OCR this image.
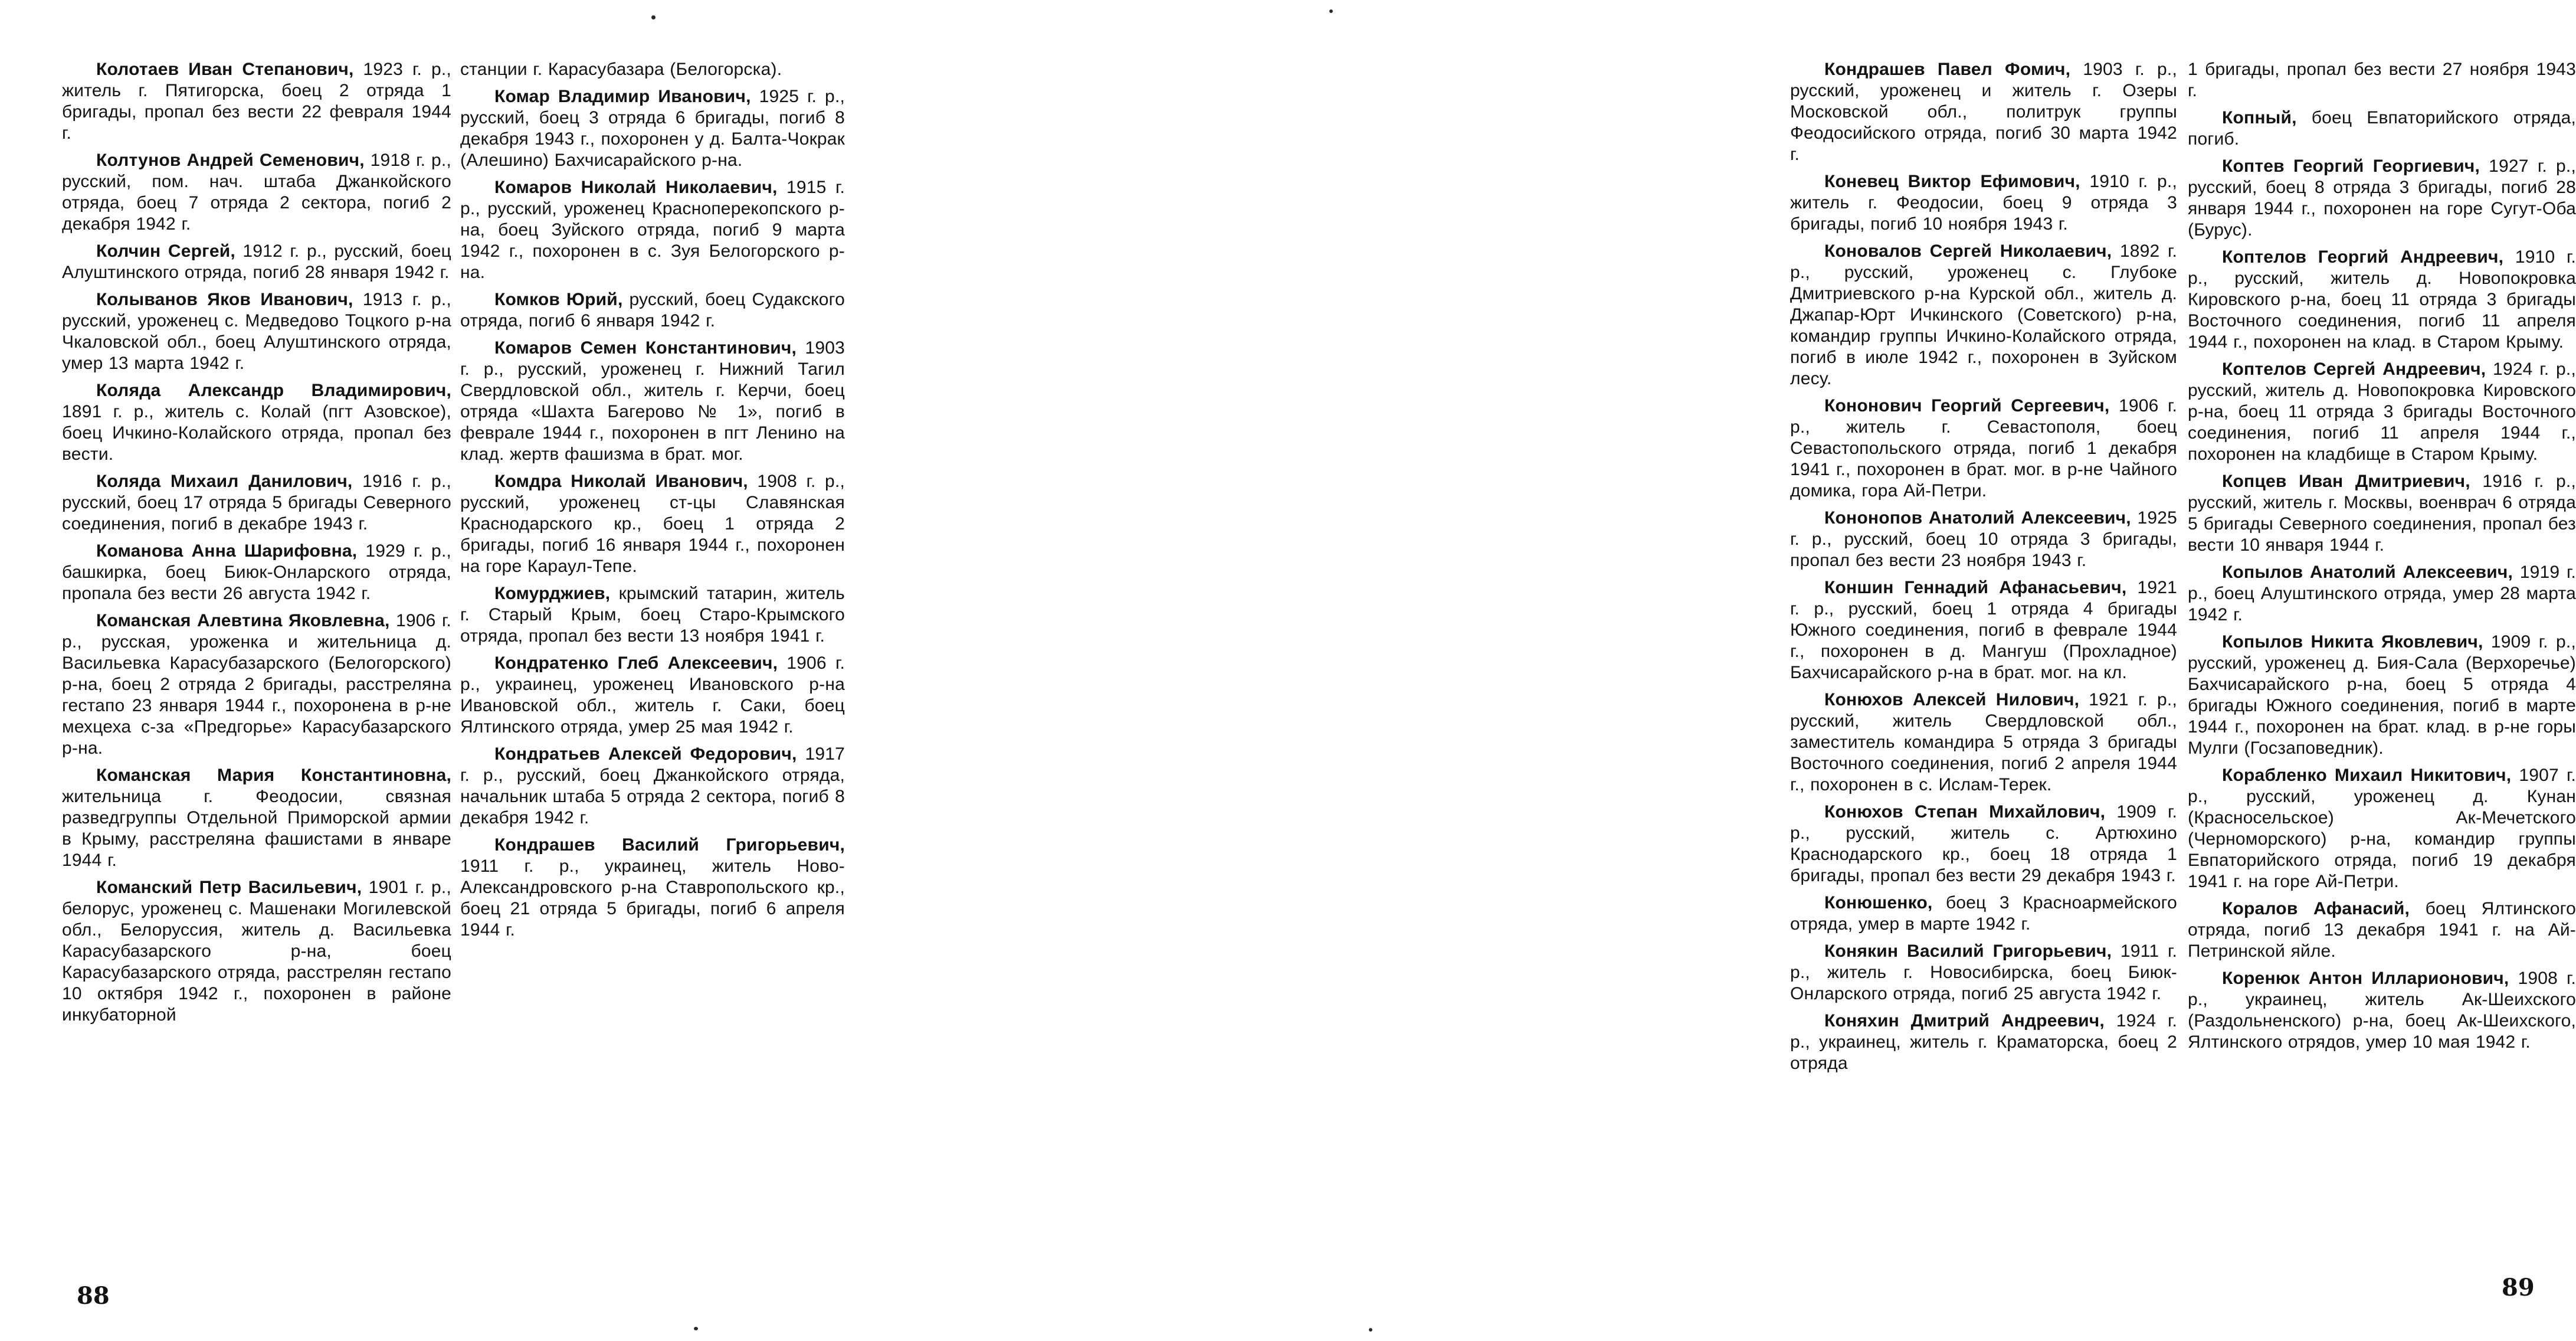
Колотаев Иван Степанович, 1923 г. р., житель г. Пятигорска, боец 2 отряда 1 бригады, пропал без вести 22 февраля 1944 г.

Колтунов Андрей Семенович, 1918 г. р., русский, пом. нач. штаба Джанкойского отряда, боец 7 отряда 2 сектора, погиб 2 декабря 1942 г.

Колчин Сергей, 1912 г. р., русский, боец Алуштинского отряда, погиб 28 января 1942 г.

Колыванов Яков Иванович, 1913 г. р., русский, уроженец с. Медведово Тоцкого р-на Чкаловской обл., боец Алуштинского отряда, умер 13 марта 1942 г.

Коляда Александр Владимирович, 1891 г. р., житель с. Колай (пгт Азовское), боец Ичкино-Колайского отряда, пропал без вести.

Коляда Михаил Данилович, 1916 г. р., русский, боец 17 отряда 5 бригады Северного соединения, погиб в декабре 1943 г.

Команова Анна Шарифовна, 1929 г. р., башкирка, боец Биюк-Онларского отряда, пропала без вести 26 августа 1942 г.

Команская Алевтина Яковлевна, 1906 г. р., русская, уроженка и жительница д. Васильевка Карасубазарского (Белогорского) р-на, боец 2 отряда 2 бригады, расстреляна гестапо 23 января 1944 г., похоронена в р-не мехцеха с-за «Предгорье» Карасубазарского р-на.

Команская Мария Константиновна, жительница г. Феодосии, связная разведгруппы Отдельной Приморской армии в Крыму, расстреляна фашистами в январе 1944 г.

Команский Петр Васильевич, 1901 г. р., белорус, уроженец с. Машенаки Могилевской обл., Белоруссия, житель д. Васильевка Карасубазарского р-на, боец Карасубазарского отряда, расстрелян гестапо 10 октября 1942 г., похоронен в районе инкубаторной

станции г. Карасубазара (Белогорска).

Комар Владимир Иванович, 1925 г. р., русский, боец 3 отряда 6 бригады, погиб 8 декабря 1943 г., похоронен у д. Балта-Чокрак (Алешино) Бахчисарайского р-на.

Комаров Николай Николаевич, 1915 г. р., русский, уроженец Красноперекопского р-на, боец Зуйского отряда, погиб 9 марта 1942 г., похоронен в с. Зуя Белогорского р-на.

Комков Юрий, русский, боец Судакского отряда, погиб 6 января 1942 г.

Комаров Семен Константинович, 1903 г. р., русский, уроженец г. Нижний Тагил Свердловской обл., житель г. Керчи, боец отряда «Шахта Багерово № 1», погиб в феврале 1944 г., похоронен в пгт Ленино на клад. жертв фашизма в брат. мог.

Комдра Николай Иванович, 1908 г. р., русский, уроженец ст-цы Славянская Краснодарского кр., боец 1 отряда 2 бригады, погиб 16 января 1944 г., похоронен на горе Караул-Тепе.

Комурджиев, крымский татарин, житель г. Старый Крым, боец Старо-Крымского отряда, пропал без вести 13 ноября 1941 г.

Кондратенко Глеб Алексеевич, 1906 г. р., украинец, уроженец Ивановского р-на Ивановской обл., житель г. Саки, боец Ялтинского отряда, умер 25 мая 1942 г.

Кондратьев Алексей Федорович, 1917 г. р., русский, боец Джанкойского отряда, начальник штаба 5 отряда 2 сектора, погиб 8 декабря 1942 г.

Кондрашев Василий Григорьевич, 1911 г. р., украинец, житель Ново-Александровского р-на Ставропольского кр., боец 21 отряда 5 бригады, погиб 6 апреля 1944 г.

88

Кондрашев Павел Фомич, 1903 г. р., русский, уроженец и житель г. Озеры Московской обл., политрук группы Феодосийского отряда, погиб 30 марта 1942 г.

Коневец Виктор Ефимович, 1910 г. р., житель г. Феодосии, боец 9 отряда 3 бригады, погиб 10 ноября 1943 г.

Коновалов Сергей Николаевич, 1892 г. р., русский, уроженец с. Глубоке Дмитриевского р-на Курской обл., житель д. Джапар-Юрт Ичкинского (Советского) р-на, командир группы Ичкино-Колайского отряда, погиб в июле 1942 г., похоронен в Зуйском лесу.

Кононович Георгий Сергеевич, 1906 г. р., житель г. Севастополя, боец Севастопольского отряда, погиб 1 декабря 1941 г., похоронен в брат. мог. в р-не Чайного домика, гора Ай-Петри.

Кононопов Анатолий Алексеевич, 1925 г. р., русский, боец 10 отряда 3 бригады, пропал без вести 23 ноября 1943 г.

Коншин Геннадий Афанасьевич, 1921 г. р., русский, боец 1 отряда 4 бригады Южного соединения, погиб в феврале 1944 г., похоронен в д. Мангуш (Прохладное) Бахчисарайского р-на в брат. мог. на кл.

Конюхов Алексей Нилович, 1921 г. р., русский, житель Свердловской обл., заместитель командира 5 отряда 3 бригады Восточного соединения, погиб 2 апреля 1944 г., похоронен в с. Ислам-Терек.

Конюхов Степан Михайлович, 1909 г. р., русский, житель с. Артюхино Краснодарского кр., боец 18 отряда 1 бригады, пропал без вести 29 декабря 1943 г.

Конюшенко, боец 3 Красноармейского отряда, умер в марте 1942 г.

Конякин Василий Григорьевич, 1911 г. р., житель г. Новосибирска, боец Биюк-Онларского отряда, погиб 25 августа 1942 г.

Коняхин Дмитрий Андреевич, 1924 г. р., украинец, житель г. Краматорска, боец 2 отряда

1 бригады, пропал без вести 27 ноября 1943 г.

Копный, боец Евпаторийского отряда, погиб.

Коптев Георгий Георгиевич, 1927 г. р., русский, боец 8 отряда 3 бригады, погиб 28 января 1944 г., похоронен на горе Сугут-Оба (Бурус).

Коптелов Георгий Андреевич, 1910 г. р., русский, житель д. Новопокровка Кировского р-на, боец 11 отряда 3 бригады Восточного соединения, погиб 11 апреля 1944 г., похоронен на клад. в Старом Крыму.

Коптелов Сергей Андреевич, 1924 г. р., русский, житель д. Новопокровка Кировского р-на, боец 11 отряда 3 бригады Восточного соединения, погиб 11 апреля 1944 г., похоронен на кладбище в Старом Крыму.

Копцев Иван Дмитриевич, 1916 г. р., русский, житель г. Москвы, военврач 6 отряда 5 бригады Северного соединения, пропал без вести 10 января 1944 г.

Копылов Анатолий Алексеевич, 1919 г. р., боец Алуштинского отряда, умер 28 марта 1942 г.

Копылов Никита Яковлевич, 1909 г. р., русский, уроженец д. Бия-Сала (Верхоречье) Бахчисарайского р-на, боец 5 отряда 4 бригады Южного соединения, погиб в марте 1944 г., похоронен на брат. клад. в р-не горы Мулги (Госзаповедник).

Корабленко Михаил Никитович, 1907 г. р., русский, уроженец д. Кунан (Красносельское) Ак-Мечетского (Черноморского) р-на, командир группы Евпаторийского отряда, погиб 19 декабря 1941 г. на горе Ай-Петри.

Коралов Афанасий, боец Ялтинского отряда, погиб 13 декабря 1941 г. на Ай-Петринской яйле.

Коренюк Антон Илларионович, 1908 г. р., украинец, житель Ак-Шеихского (Раздольненского) р-на, боец Ак-Шеихского, Ялтинского отрядов, умер 10 мая 1942 г.

89
